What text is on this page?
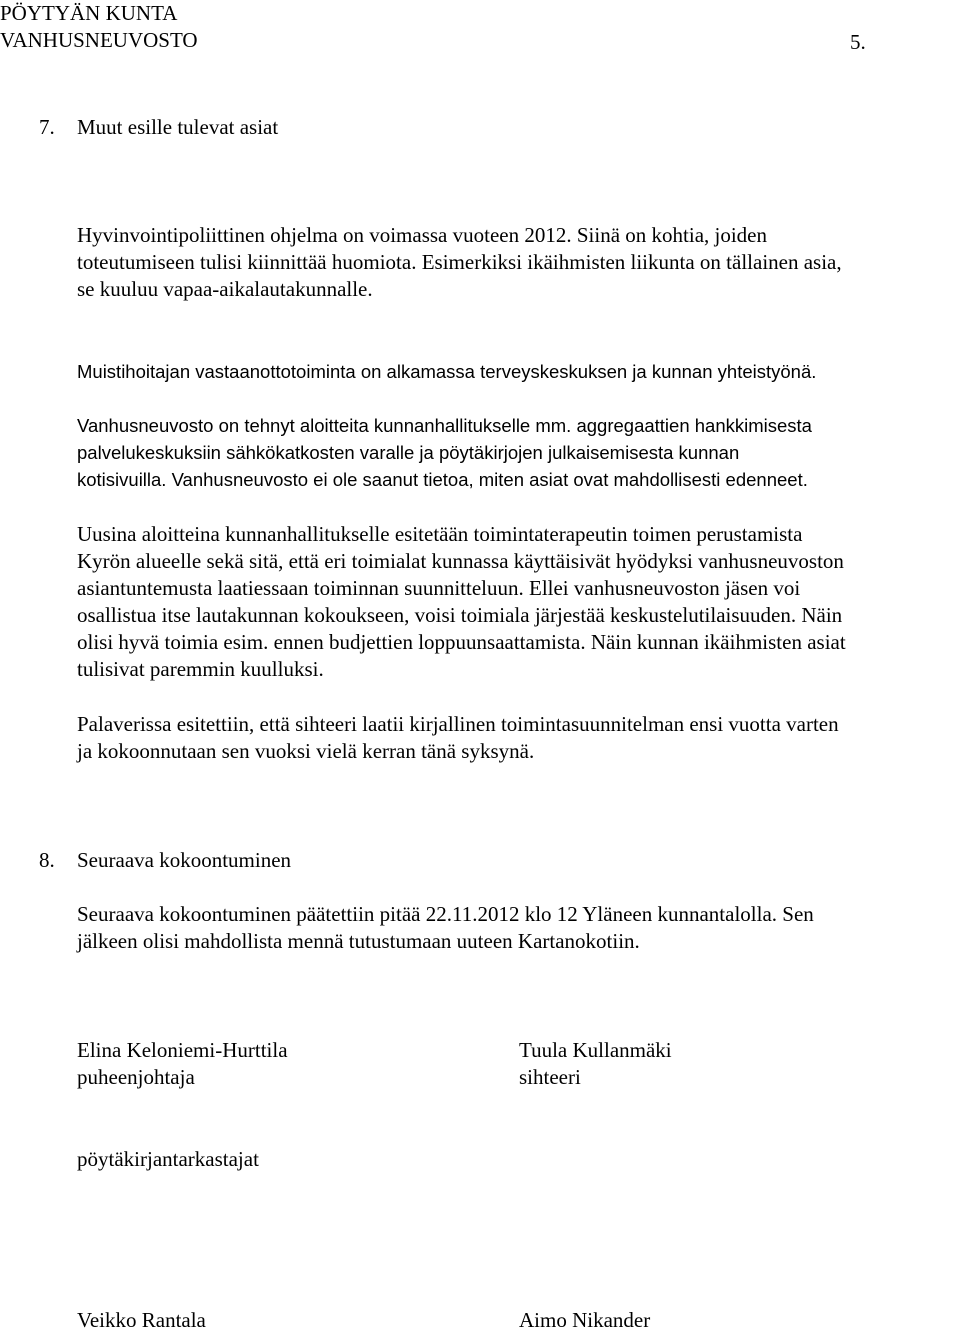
PÖYTYÄN KUNTA
VANHUSNEUVOSTO	5.
7. Muut esille tulevat asiat
Hyvinvointipoliittinen ohjelma on voimassa vuoteen 2012. Siinä on kohtia, joiden
toteutumiseen tulisi kiinnittää huomiota. Esimerkiksi ikäihmisten liikunta on tällainen asia,
se kuuluu vapaa-aikalautakunnalle.
Muistihoitajan vastaanottotoiminta on alkamassa terveyskeskuksen ja kunnan yhteistyönä.
Vanhusneuvosto on tehnyt aloitteita kunnanhallitukselle mm. aggregaattien hankkimisesta
palvelukeskuksiin sähkökatkosten varalle ja pöytäkirjojen julkaisemisesta kunnan
kotisivuilla. Vanhusneuvosto ei ole saanut tietoa, miten asiat ovat mahdollisesti edenneet.
Uusina aloitteina kunnanhallitukselle esitetään toimintaterapeutin toimen perustamista
Kyrön alueelle sekä sitä, että eri toimialat kunnassa käyttäisivät hyödyksi vanhusneuvoston
asiantuntemusta laatiessaan toiminnan suunnitteluun. Ellei vanhusneuvoston jäsen voi
osallistua itse lautakunnan kokoukseen, voisi toimiala järjestää keskustelutilaisuuden. Näin
olisi hyvä toimia esim. ennen budjettien loppuunsaattamista. Näin kunnan ikäihmisten asiat
tulisivat paremmin kuulluksi.
Palaverissa esitettiin, että sihteeri laatii kirjallinen toimintasuunnitelman ensi vuotta varten
ja kokoonnutaan sen vuoksi vielä kerran tänä syksynä.
8. Seuraava kokoontuminen
Seuraava kokoontuminen päätettiin pitää 22.11.2012 klo 12 Yläneen kunnantalolla. Sen
jälkeen olisi mahdollista mennä tutustumaan uuteen Kartanokotiin.
Elina Keloniemi-Hurttila
puheenjohtaja
Tuula Kullanmäki
sihteeri
pöytäkirjantarkastajat
Veikko Rantala	Aimo Nikander
